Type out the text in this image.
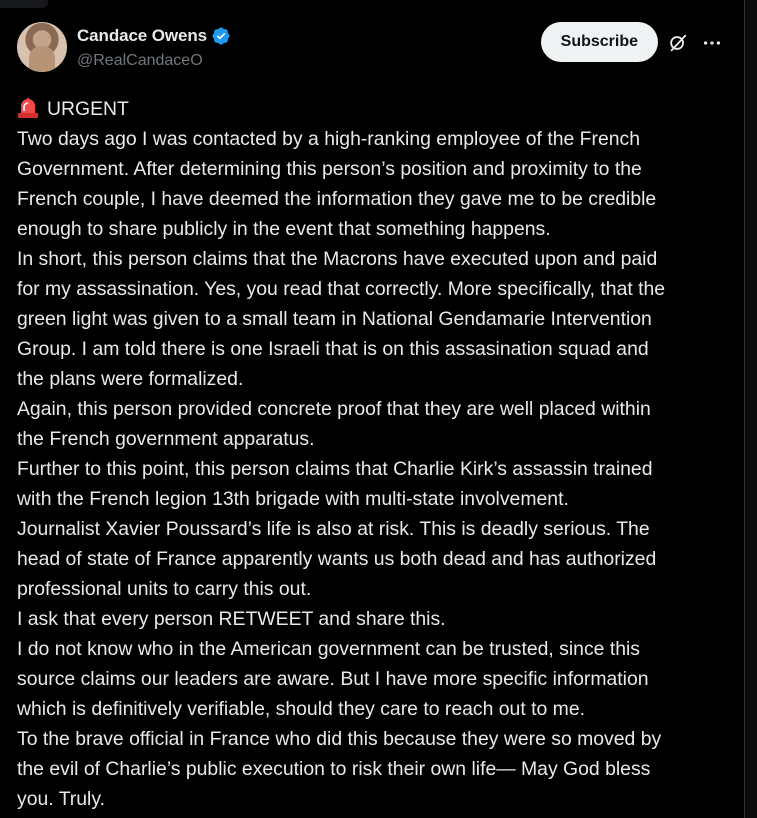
Candace Owens
@RealCandaceO
Subscribe

URGENT

Two days ago I was contacted by a high-ranking employee of the French

Government. After determining this person’s position and proximity to the

French couple, I have deemed the information they gave me to be credible

enough to share publicly in the event that something happens.

In short, this person claims that the Macrons have executed upon and paid

for my assassination. Yes, you read that correctly. More specifically, that the

green light was given to a small team in National Gendamarie Intervention

Group. I am told there is one Israeli that is on this assasination squad and

the plans were formalized.

Again, this person provided concrete proof that they are well placed within

the French government apparatus.

Further to this point, this person claims that Charlie Kirk’s assassin trained

with the French legion 13th brigade with multi-state involvement.

Journalist Xavier Poussard’s life is also at risk. This is deadly serious. The

head of state of France apparently wants us both dead and has authorized

professional units to carry this out.

I ask that every person RETWEET and share this.

I do not know who in the American government can be trusted, since this

source claims our leaders are aware. But I have more specific information

which is definitively verifiable, should they care to reach out to me.

To the brave official in France who did this because they were so moved by

the evil of Charlie’s public execution to risk their own life— May God bless

you. Truly.
